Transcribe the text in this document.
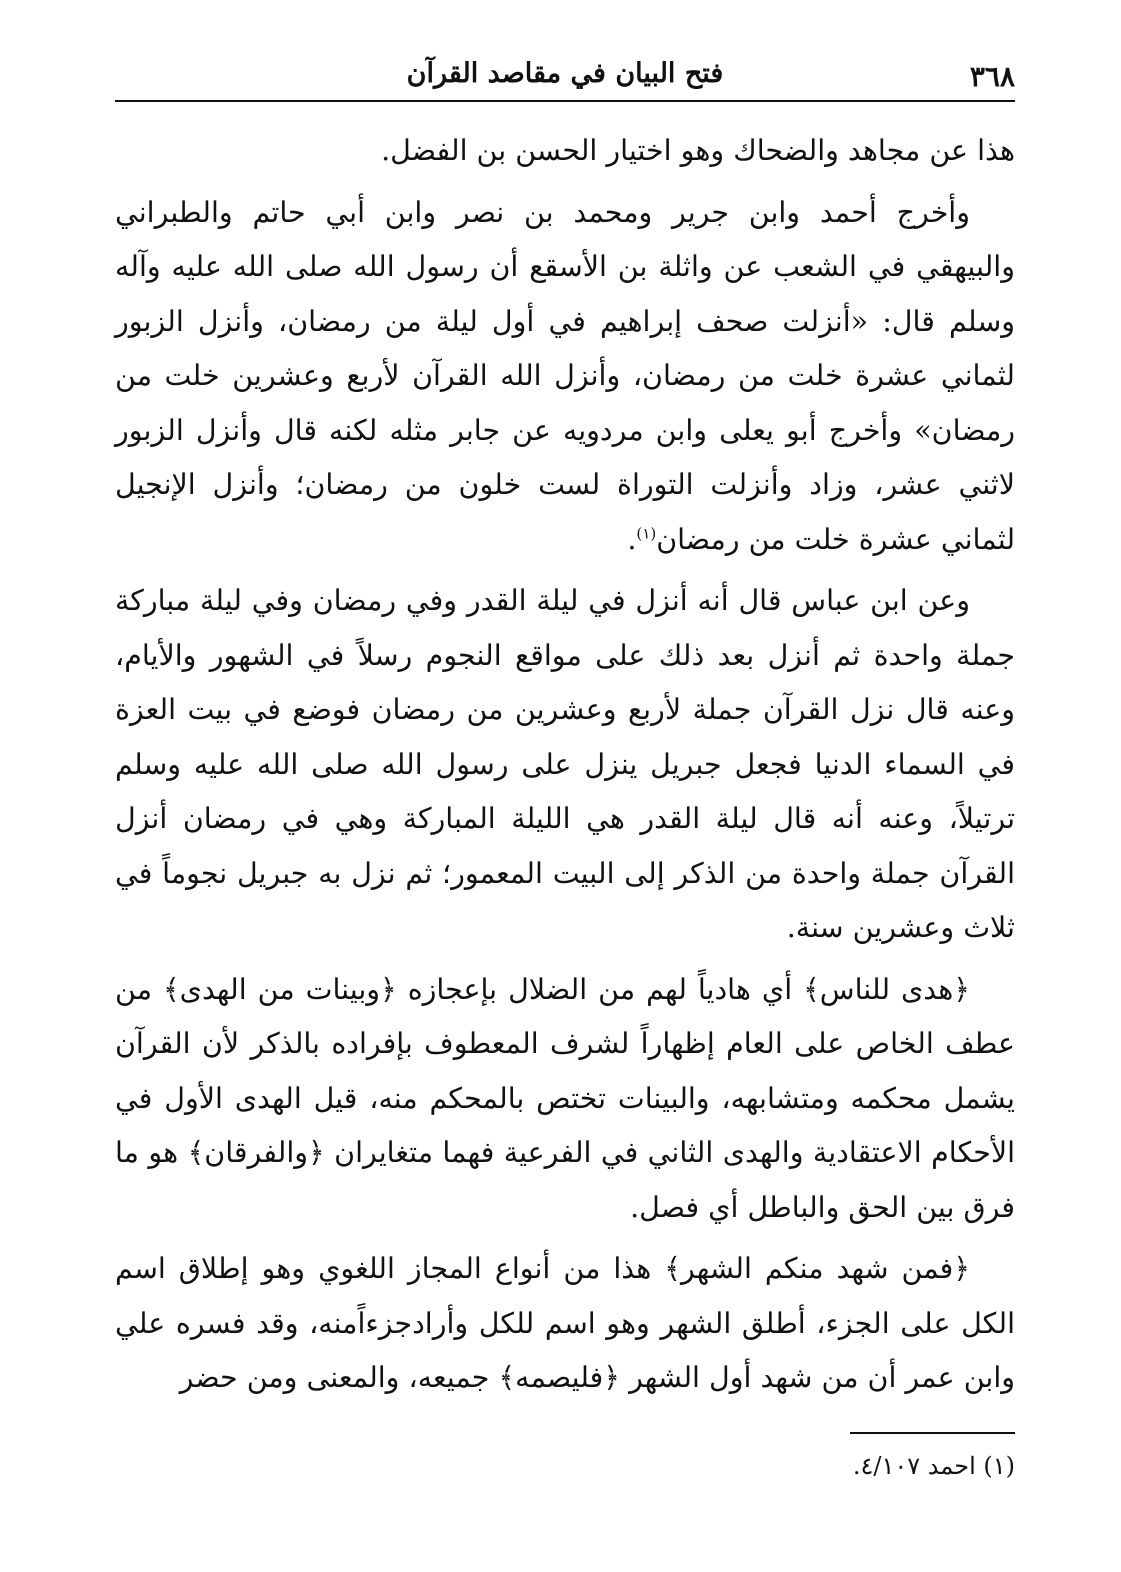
٣٦٨
فتح البيان في مقاصد القرآن

هذا عن مجاهد والضحاك وهو اختيار الحسن بن الفضل.

وأخرج أحمد وابن جرير ومحمد بن نصر وابن أبي حاتم والطبراني والبيهقي في الشعب عن واثلة بن الأسقع أن رسول الله صلى الله عليه وآله وسلم قال: «أنزلت صحف إبراهيم في أول ليلة من رمضان، وأنزل الزبور لثماني عشرة خلت من رمضان، وأنزل الله القرآن لأربع وعشرين خلت من رمضان» وأخرج أبو يعلى وابن مردويه عن جابر مثله لكنه قال وأنزل الزبور لاثني عشر، وزاد وأنزلت التوراة لست خلون من رمضان؛ وأنزل الإنجيل لثماني عشرة خلت من رمضان$^{(١)}$.

وعن ابن عباس قال أنه أنزل في ليلة القدر وفي رمضان وفي ليلة مباركة جملة واحدة ثم أنزل بعد ذلك على مواقع النجوم رسلاً في الشهور والأيام، وعنه قال نزل القرآن جملة لأربع وعشرين من رمضان فوضع في بيت العزة في السماء الدنيا فجعل جبريل ينزل على رسول الله صلى الله عليه وسلم ترتيلاً، وعنه أنه قال ليلة القدر هي الليلة المباركة وهي في رمضان أنزل القرآن جملة واحدة من الذكر إلى البيت المعمور؛ ثم نزل به جبريل نجوماً في ثلاث وعشرين سنة.

﴿هدى للناس﴾ أي هادياً لهم من الضلال بإعجازه ﴿وبينات من الهدى﴾ من عطف الخاص على العام إظهاراً لشرف المعطوف بإفراده بالذكر لأن القرآن يشمل محكمه ومتشابهه، والبينات تختص بالمحكم منه، قيل الهدى الأول في الأحكام الاعتقادية والهدى الثاني في الفرعية فهما متغايران ﴿والفرقان﴾ هو ما فرق بين الحق والباطل أي فصل.

﴿فمن شهد منكم الشهر﴾ هذا من أنواع المجاز اللغوي وهو إطلاق اسم الكل على الجزء، أطلق الشهر وهو اسم للكل وأرادجزءاًمنه، وقد فسره علي وابن عمر أن من شهد أول الشهر ﴿فليصمه﴾ جميعه، والمعنى ومن حضر

(١) احمد ٤/١٠٧.
